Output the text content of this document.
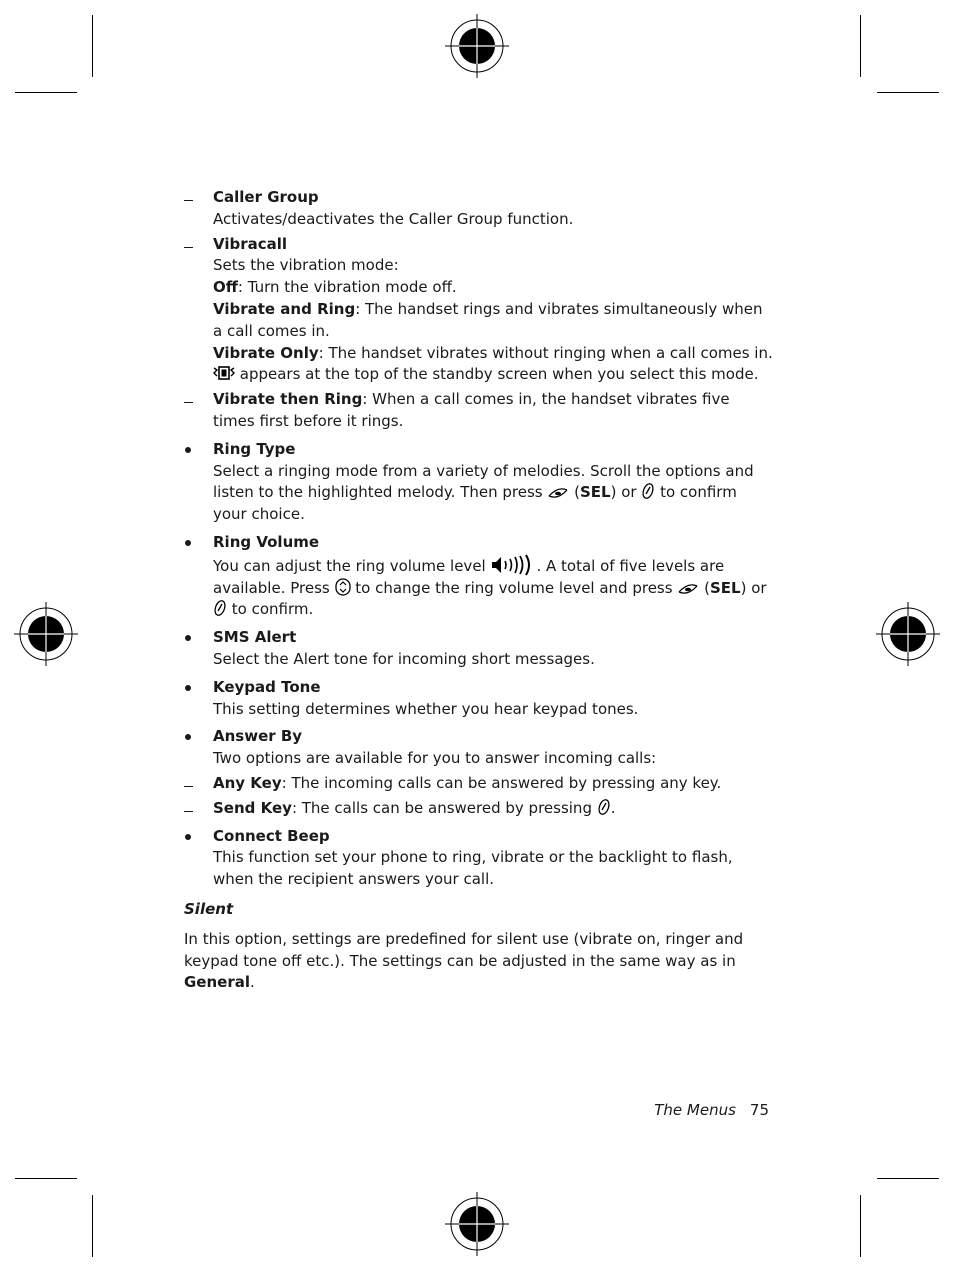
Caller Group
Activates/deactivates the Caller Group function.
Vibracall
Sets the vibration mode:
Off: Turn the vibration mode off.
Vibrate and Ring: The handset rings and vibrates simultaneously when a call comes in.
Vibrate Only: The handset vibrates without ringing when a call comes in.
appears at the top of the standby screen when you select this mode.
Vibrate then Ring: When a call comes in, the handset vibrates five times first before it rings.
Ring Type
Select a ringing mode from a variety of melodies. Scroll the options and listen to the highlighted melody. Then press  (SEL) or  to confirm your choice.
Ring Volume
You can adjust the ring volume level	. A total of five levels are available. Press  to change the ring volume level and press  (SEL) or  to confirm.
SMS Alert
Select the Alert tone for incoming short messages.
Keypad Tone
This setting determines whether you hear keypad tones.
Answer By
Two options are available for you to answer incoming calls:
Any Key: The incoming calls can be answered by pressing any key.
Send Key: The calls can be answered by pressing .
Connect Beep
This function set your phone to ring, vibrate or the backlight to flash, when the recipient answers your call.
Silent
In this option, settings are predefined for silent use (vibrate on, ringer and keypad tone off etc.). The settings can be adjusted in the same way as in General.
The Menus 75
